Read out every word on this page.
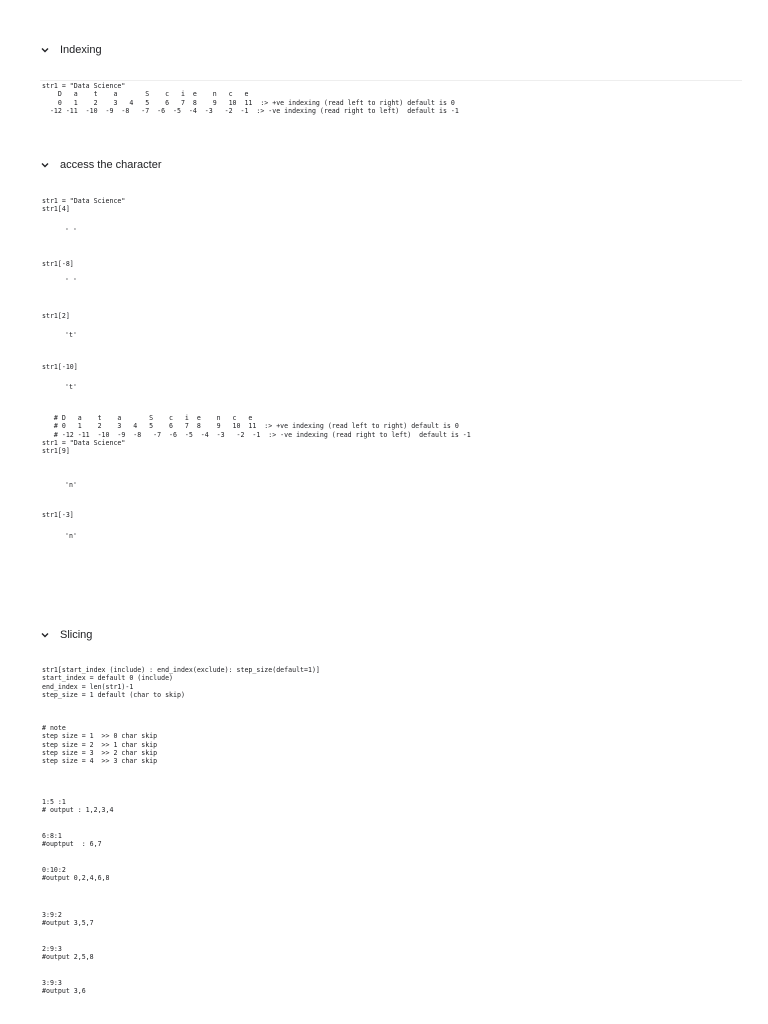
Indexing
str1 = "Data Science"
D   a    t    a       S    c   i  e    n   c   e
0   1    2    3   4   5    6   7  8    9   10  11  :> +ve indexing (read left to right) default is 0
-12 -11  -10  -9  -8   -7  -6  -5  -4  -3   -2  -1  :> -ve indexing (read right to left)  default is -1
access the character
str1 = "Data Science"
str1[4]
' '
str1[-8]
' '
str1[2]
't'
str1[-10]
't'
# D   a    t    a       S    c   i  e    n   c   e
# 0   1    2    3   4   5    6   7  8    9   10  11  :> +ve indexing (read left to right) default is 0
# -12 -11  -10  -9  -8   -7  -6  -5  -4  -3   -2  -1  :> -ve indexing (read right to left)  default is -1
str1 = "Data Science"
str1[9]
'n'
str1[-3]
'n'
Slicing
str1[start_index (include) : end_index(exclude): step_size(default=1)]
start_index = default 0 (include)
end_index = len(str1)-1
step_size = 1 default (char to skip)
# note
step size = 1  >> 0 char skip
step size = 2  >> 1 char skip
step size = 3  >> 2 char skip
step size = 4  >> 3 char skip
1:5 :1
# output : 1,2,3,4
6:8:1
#ouptput  : 6,7
0:10:2
#output 0,2,4,6,8
3:9:2
#output 3,5,7
2:9:3
#output 2,5,8
3:9:3
#output 3,6
